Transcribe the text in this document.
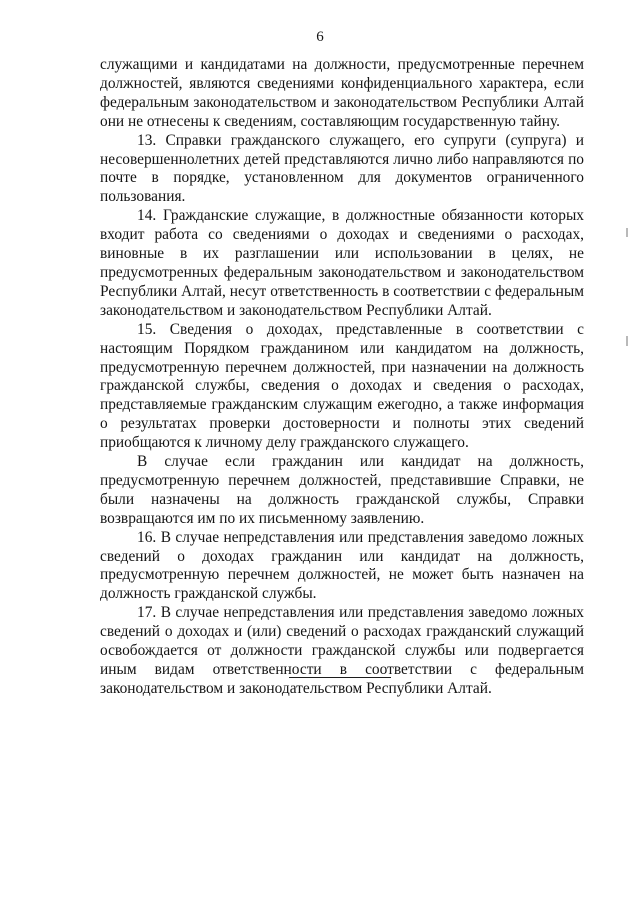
6

служащими и кандидатами на должности, предусмотренные перечнем должностей, являются сведениями конфиденциального характера, если федеральным законодательством и законодательством Республики Алтай они не отнесены к сведениям, составляющим государственную тайну.

13. Справки гражданского служащего, его супруги (супруга) и несовершеннолетних детей представляются лично либо направляются по почте в порядке, установленном для документов ограниченного пользования.

14. Гражданские служащие, в должностные обязанности которых входит работа со сведениями о доходах и сведениями о расходах, виновные в их разглашении или использовании в целях, не предусмотренных федеральным законодательством и законодательством Республики Алтай, несут ответственность в соответствии с федеральным законодательством и законодательством Республики Алтай.

15. Сведения о доходах, представленные в соответствии с настоящим Порядком гражданином или кандидатом на должность, предусмотренную перечнем должностей, при назначении на должность гражданской службы, сведения о доходах и сведения о расходах, представляемые гражданским служащим ежегодно, а также информация о результатах проверки достоверности и полноты этих сведений приобщаются к личному делу гражданского служащего.

В случае если гражданин или кандидат на должность, предусмотренную перечнем должностей, представившие Справки, не были назначены на должность гражданской службы, Справки возвращаются им по их письменному заявлению.

16. В случае непредставления или представления заведомо ложных сведений о доходах гражданин или кандидат на должность, предусмотренную перечнем должностей, не может быть назначен на должность гражданской службы.

17. В случае непредставления или представления заведомо ложных сведений о доходах и (или) сведений о расходах гражданский служащий освобождается от должности гражданской службы или подвергается иным видам ответственности в соответствии с федеральным законодательством и законодательством Республики Алтай.
